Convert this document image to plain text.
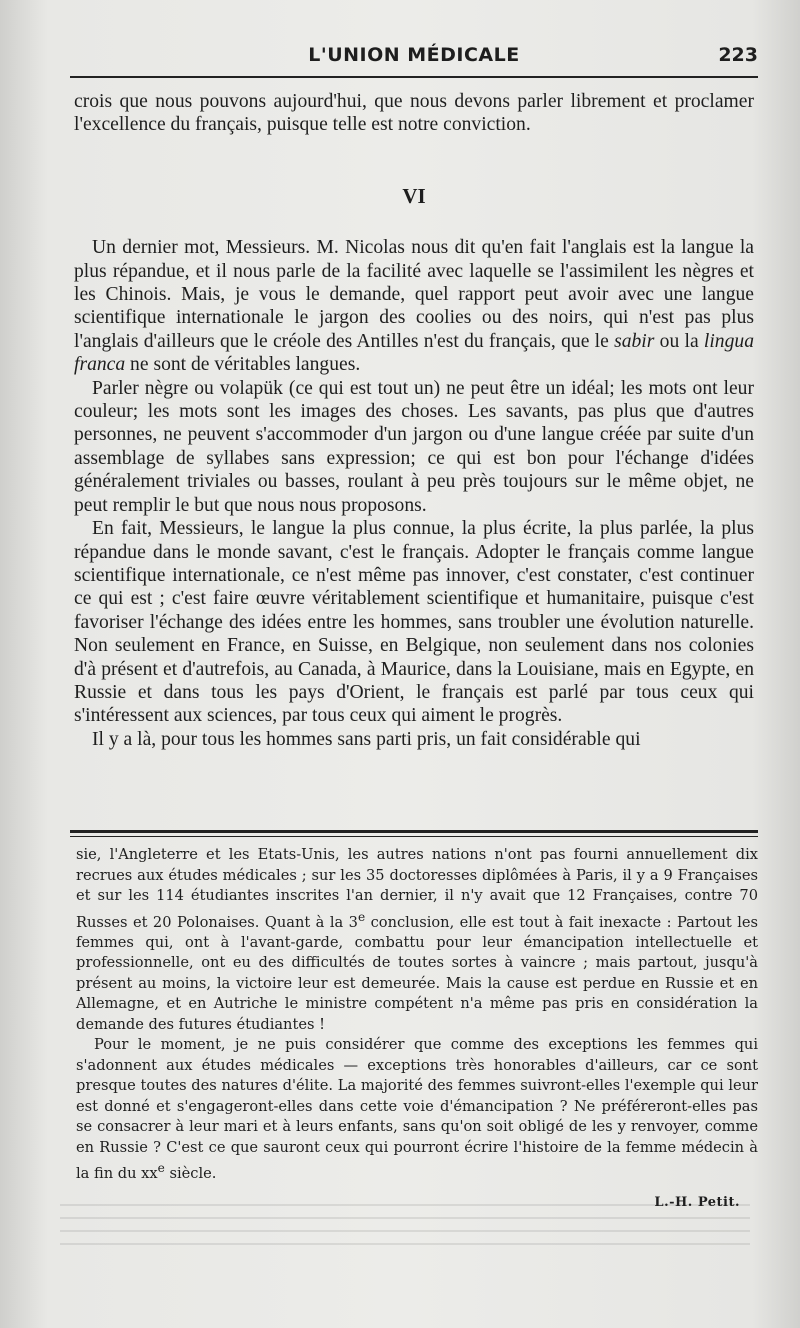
L'UNION MÉDICALE	223

crois que nous pouvons aujourd'hui, que nous devons parler librement et proclamer l'excellence du français, puisque telle est notre conviction.

VI

Un dernier mot, Messieurs. M. Nicolas nous dit qu'en fait l'anglais est la langue la plus répandue, et il nous parle de la facilité avec laquelle se l'assimilent les nègres et les Chinois. Mais, je vous le demande, quel rapport peut avoir avec une langue scientifique internationale le jargon des coolies ou des noirs, qui n'est pas plus l'anglais d'ailleurs que le créole des Antilles n'est du français, que le sabir ou la lingua franca ne sont de véritables langues.

Parler nègre ou volapük (ce qui est tout un) ne peut être un idéal; les mots ont leur couleur; les mots sont les images des choses. Les savants, pas plus que d'autres personnes, ne peuvent s'accommoder d'un jargon ou d'une langue créée par suite d'un assemblage de syllabes sans expression; ce qui est bon pour l'échange d'idées généralement triviales ou basses, roulant à peu près toujours sur le même objet, ne peut remplir le but que nous nous proposons.

En fait, Messieurs, le langue la plus connue, la plus écrite, la plus parlée, la plus répandue dans le monde savant, c'est le français. Adopter le français comme langue scientifique internationale, ce n'est même pas innover, c'est constater, c'est continuer ce qui est ; c'est faire œuvre véritablement scientifique et humanitaire, puisque c'est favoriser l'échange des idées entre les hommes, sans troubler une évolution naturelle. Non seulement en France, en Suisse, en Belgique, non seulement dans nos colonies d'à présent et d'autrefois, au Canada, à Maurice, dans la Louisiane, mais en Egypte, en Russie et dans tous les pays d'Orient, le français est parlé par tous ceux qui s'intéressent aux sciences, par tous ceux qui aiment le progrès.

Il y a là, pour tous les hommes sans parti pris, un fait considérable qui

sie, l'Angleterre et les Etats-Unis, les autres nations n'ont pas fourni annuellement dix recrues aux études médicales ; sur les 35 doctoresses diplômées à Paris, il y a 9 Françaises et sur les 114 étudiantes inscrites l'an dernier, il n'y avait que 12 Françaises, contre 70 Russes et 20 Polonaises. Quant à la 3e conclusion, elle est tout à fait inexacte : Partout les femmes qui, ont à l'avant-garde, combattu pour leur émancipation intellectuelle et professionnelle, ont eu des difficultés de toutes sortes à vaincre ; mais partout, jusqu'à présent au moins, la victoire leur est demeurée. Mais la cause est perdue en Russie et en Allemagne, et en Autriche le ministre compétent n'a même pas pris en considération la demande des futures étudiantes !

Pour le moment, je ne puis considérer que comme des exceptions les femmes qui s'adonnent aux études médicales — exceptions très honorables d'ailleurs, car ce sont presque toutes des natures d'élite. La majorité des femmes suivront-elles l'exemple qui leur est donné et s'engageront-elles dans cette voie d'émancipation ? Ne préféreront-elles pas se consacrer à leur mari et à leurs enfants, sans qu'on soit obligé de les y renvoyer, comme en Russie ? C'est ce que sauront ceux qui pourront écrire l'histoire de la femme médecin à la fin du $xx^e$ siècle.

L.-H. Petit.
